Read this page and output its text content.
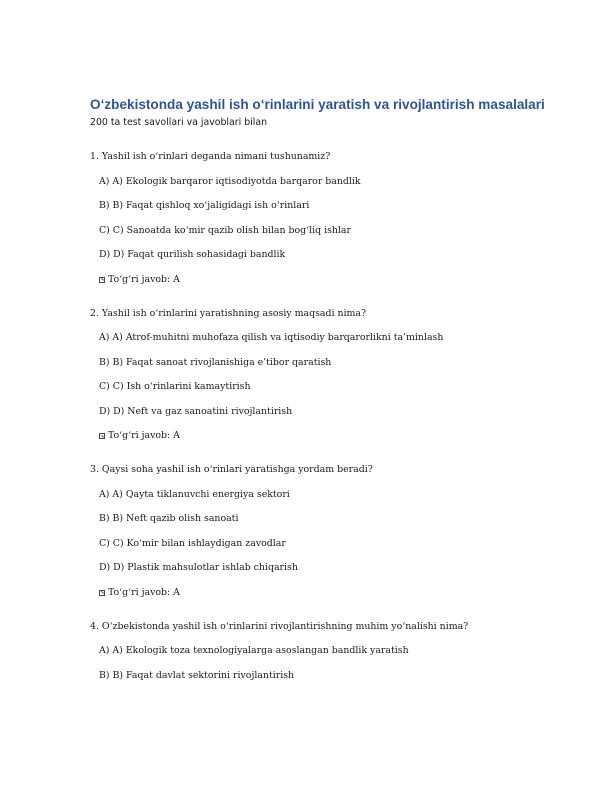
O‘zbekistonda yashil ish o‘rinlarini yaratish va rivojlantirish masalalari

200 ta test savollari va javoblari bilan

1. Yashil ish o‘rinlari deganda nimani tushunamiz?

A) A) Ekologik barqaror iqtisodiyotda barqaror bandlik
B) B) Faqat qishloq xo‘jaligidagi ish o‘rinlari
C) C) Sanoatda ko‘mir qazib olish bilan bog‘liq ishlar
D) D) Faqat qurilish sohasidagi bandlik
To‘g‘ri javob: A

2. Yashil ish o‘rinlarini yaratishning asosiy maqsadi nima?

A) A) Atrof-muhitni muhofaza qilish va iqtisodiy barqarorlikni ta’minlash
B) B) Faqat sanoat rivojlanishiga e’tibor qaratish
C) C) Ish o‘rinlarini kamaytirish
D) D) Neft va gaz sanoatini rivojlantirish
To‘g‘ri javob: A

3. Qaysi soha yashil ish o‘rinlari yaratishga yordam beradi?

A) A) Qayta tiklanuvchi energiya sektori
B) B) Neft qazib olish sanoati
C) C) Ko‘mir bilan ishlaydigan zavodlar
D) D) Plastik mahsulotlar ishlab chiqarish
To‘g‘ri javob: A

4. O‘zbekistonda yashil ish o‘rinlarini rivojlantirishning muhim yo‘nalishi nima?

A) A) Ekologik toza texnologiyalarga asoslangan bandlik yaratish
B) B) Faqat davlat sektorini rivojlantirish
